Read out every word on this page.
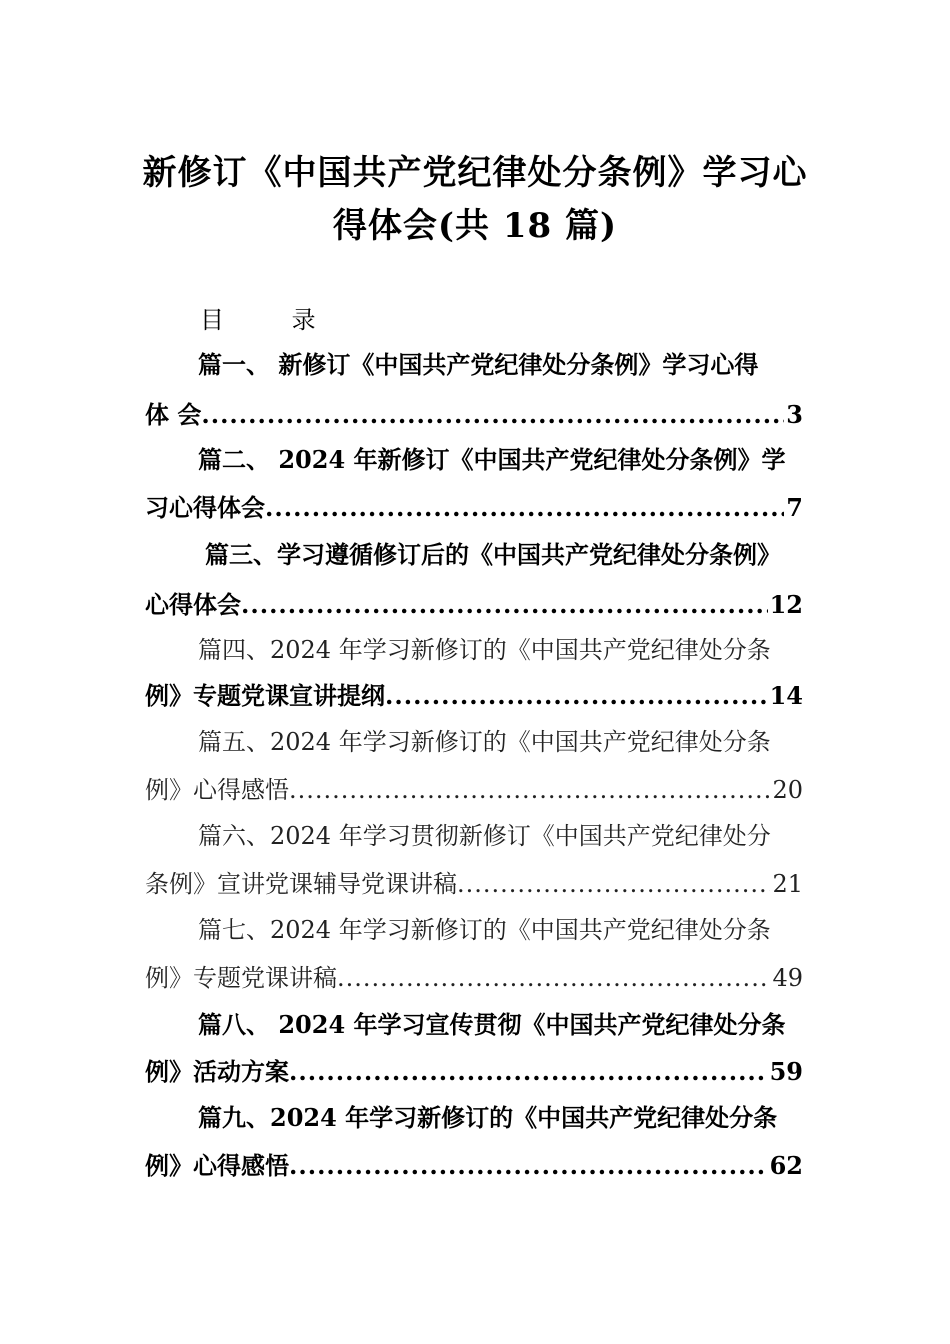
新修订《中国共产党纪律处分条例》学习心
得体会(共 18 篇)
目 录
篇一、 新修订《中国共产党纪律处分条例》学习心得
体 会 .....	3
篇二、 2024 年新修订《中国共产党纪律处分条例》学
习心得体会 .....	7
篇三、学习遵循修订后的《中国共产党纪律处分条例》
心得体会 .....	12
篇四、2024 年学习新修订的《中国共产党纪律处分条
例》专题党课宣讲提纲 .....	14
篇五、2024 年学习新修订的《中国共产党纪律处分条
例》心得感悟 .....	20
篇六、2024 年学习贯彻新修订《中国共产党纪律处分
条例》宣讲党课辅导党课讲稿 .....	21
篇七、2024 年学习新修订的《中国共产党纪律处分条
例》专题党课讲稿 .....	49
篇八、 2024 年学习宣传贯彻《中国共产党纪律处分条
例》活动方案 .....	59
篇九、2024 年学习新修订的《中国共产党纪律处分条
例》心得感悟 .....	62
